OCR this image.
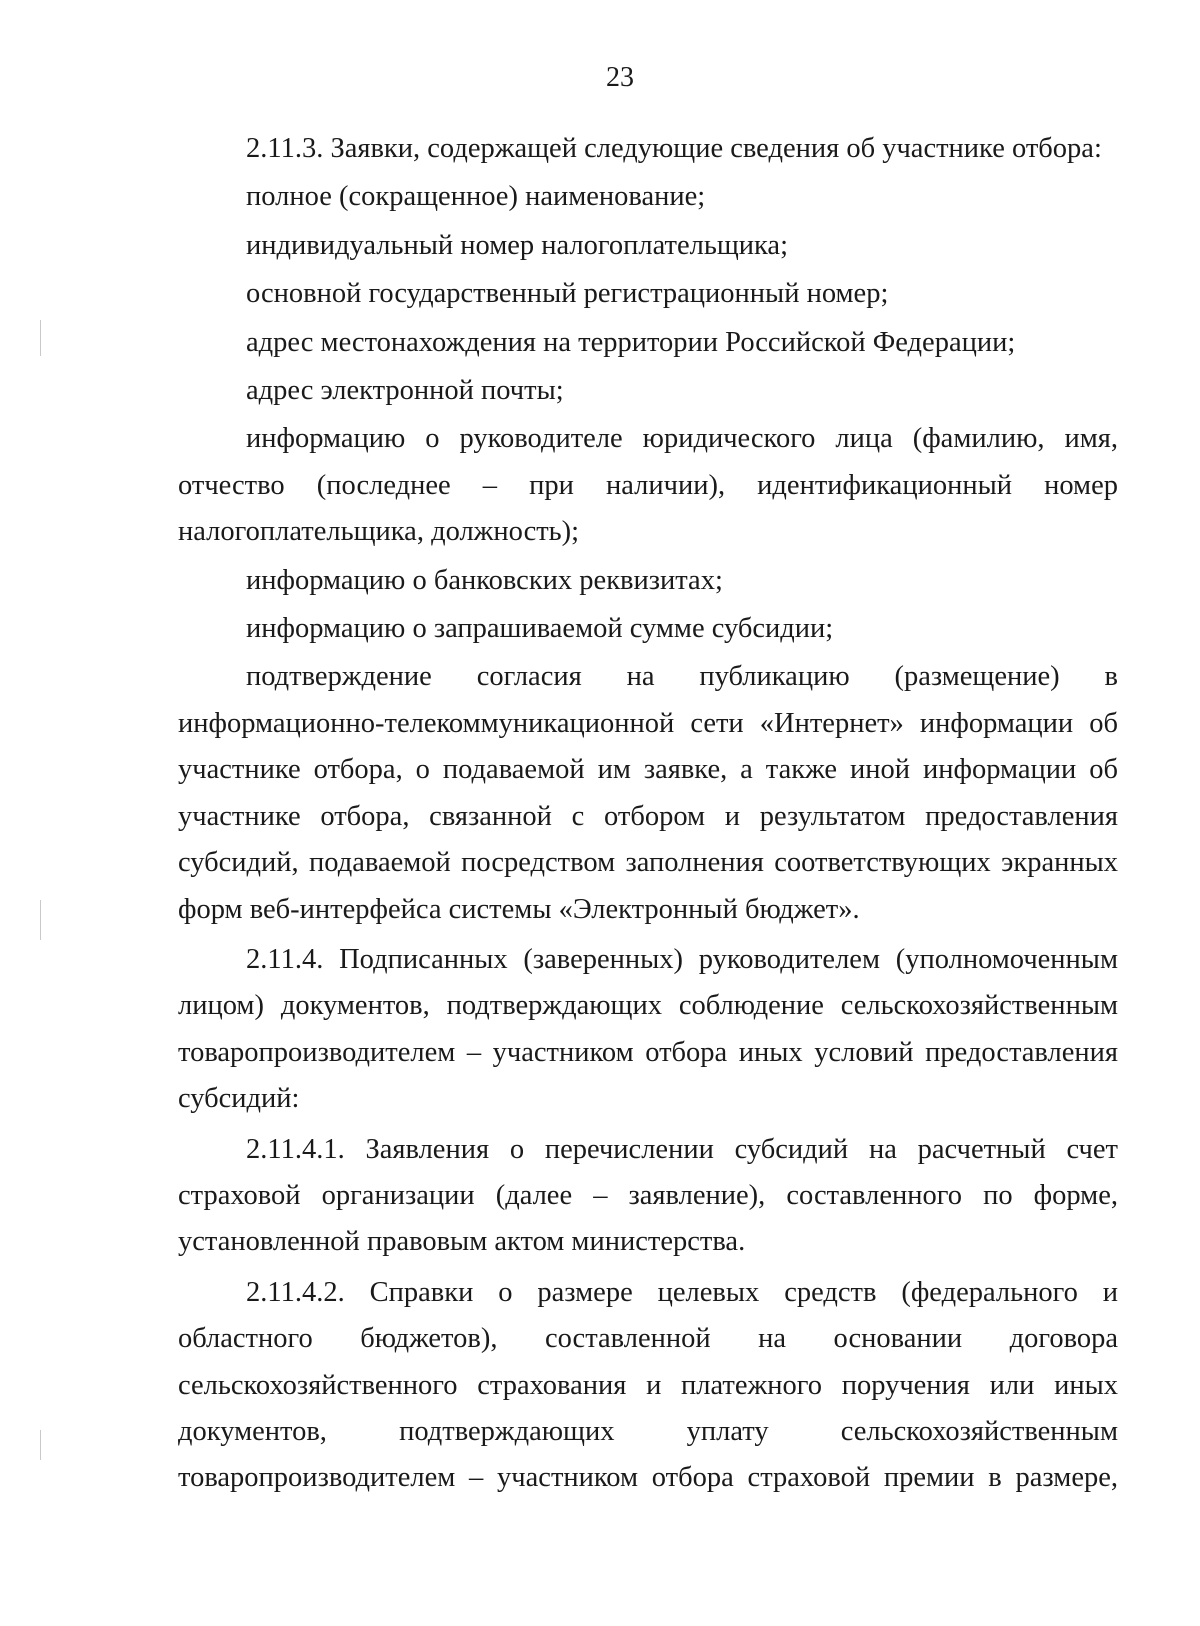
23

2.11.3. Заявки, содержащей следующие сведения об участнике отбора:

полное (сокращенное) наименование;

индивидуальный номер налогоплательщика;

основной государственный регистрационный номер;

адрес местонахождения на территории Российской Федерации;

адрес электронной почты;

информацию о руководителе юридического лица (фамилию, имя, отчество (последнее – при наличии), идентификационный номер налогоплательщика, должность);

информацию о банковских реквизитах;

информацию о запрашиваемой сумме субсидии;

подтверждение согласия на публикацию (размещение) в информационно-телекоммуникационной сети «Интернет» информации об участнике отбора, о подаваемой им заявке, а также иной информации об участнике отбора, связанной с отбором и результатом предоставления субсидий, подаваемой посредством заполнения соответствующих экранных форм веб-интерфейса системы «Электронный бюджет».

2.11.4. Подписанных (заверенных) руководителем (уполномоченным лицом) документов, подтверждающих соблюдение сельскохозяйственным товаропроизводителем – участником отбора иных условий предоставления субсидий:

2.11.4.1. Заявления о перечислении субсидий на расчетный счет страховой организации (далее – заявление), составленного по форме, установленной правовым актом министерства.

2.11.4.2. Справки о размере целевых средств (федерального и областного бюджетов), составленной на основании договора сельскохозяйственного страхования и платежного поручения или иных документов, подтверждающих уплату сельскохозяйственным товаропроизводителем – участником отбора страховой премии в размере,
